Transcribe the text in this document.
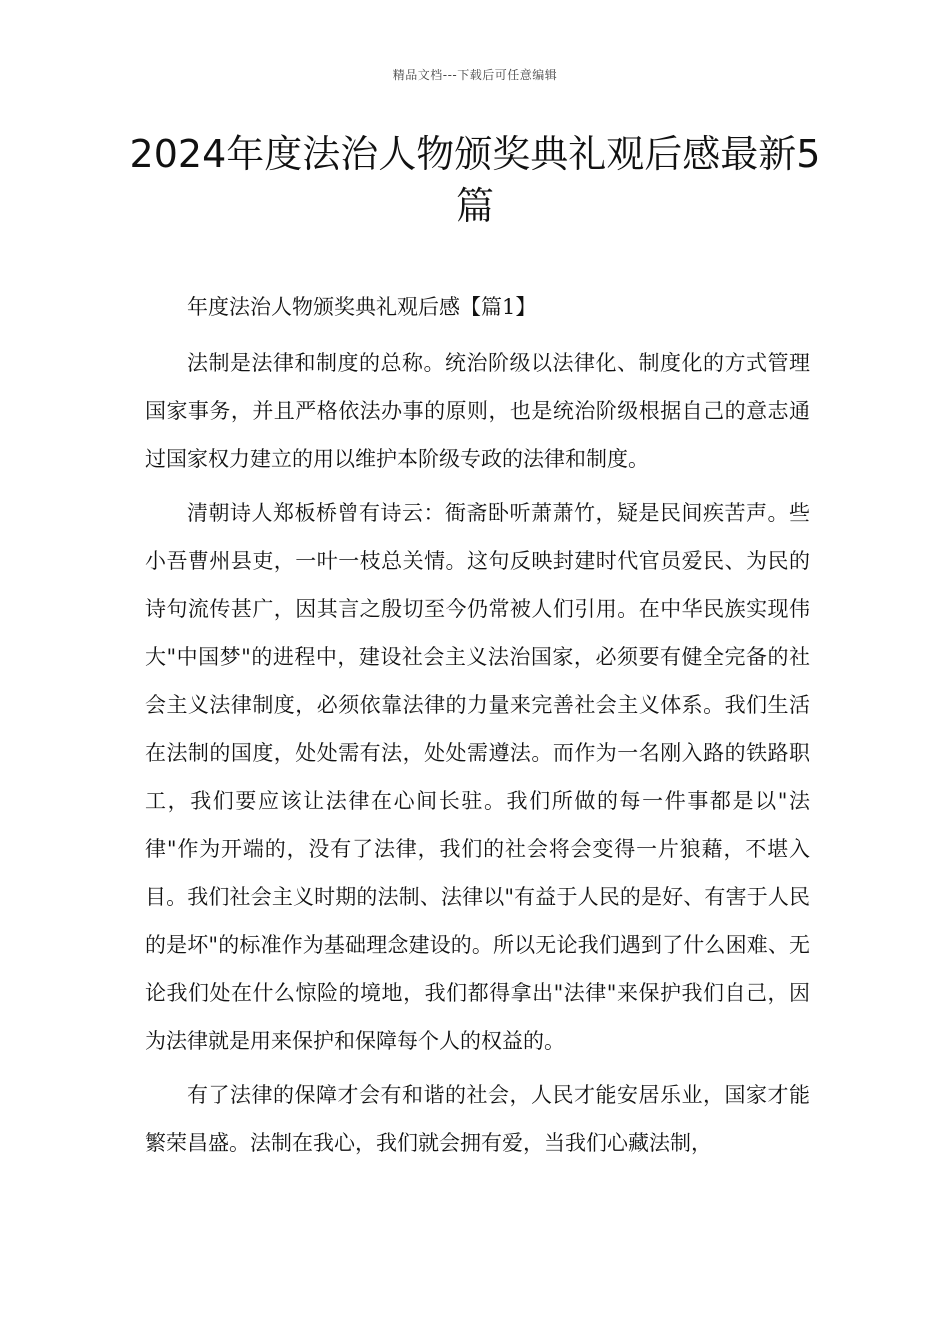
精品文档---下载后可任意编辑
2024年度法治人物颁奖典礼观后感最新5篇

年度法治人物颁奖典礼观后感【篇1】

法制是法律和制度的总称。统治阶级以法律化、制度化的方式管理国家事务，并且严格依法办事的原则，也是统治阶级根据自己的意志通过国家权力建立的用以维护本阶级专政的法律和制度。

清朝诗人郑板桥曾有诗云：衙斋卧听萧萧竹，疑是民间疾苦声。些小吾曹州县吏，一叶一枝总关情。这句反映封建时代官员爱民、为民的诗句流传甚广，因其言之殷切至今仍常被人们引用。在中华民族实现伟大"中国梦"的进程中，建设社会主义法治国家，必须要有健全完备的社会主义法律制度，必须依靠法律的力量来完善社会主义体系。我们生活在法制的国度，处处需有法，处处需遵法。而作为一名刚入路的铁路职工，我们要应该让法律在心间长驻。我们所做的每一件事都是以"法律"作为开端的，没有了法律，我们的社会将会变得一片狼藉，不堪入目。我们社会主义时期的法制、法律以"有益于人民的是好、有害于人民的是坏"的标准作为基础理念建设的。所以无论我们遇到了什么困难、无论我们处在什么惊险的境地，我们都得拿出"法律"来保护我们自己，因为法律就是用来保护和保障每个人的权益的。

有了法律的保障才会有和谐的社会，人民才能安居乐业，国家才能繁荣昌盛。法制在我心，我们就会拥有爱，当我们心藏法制，
